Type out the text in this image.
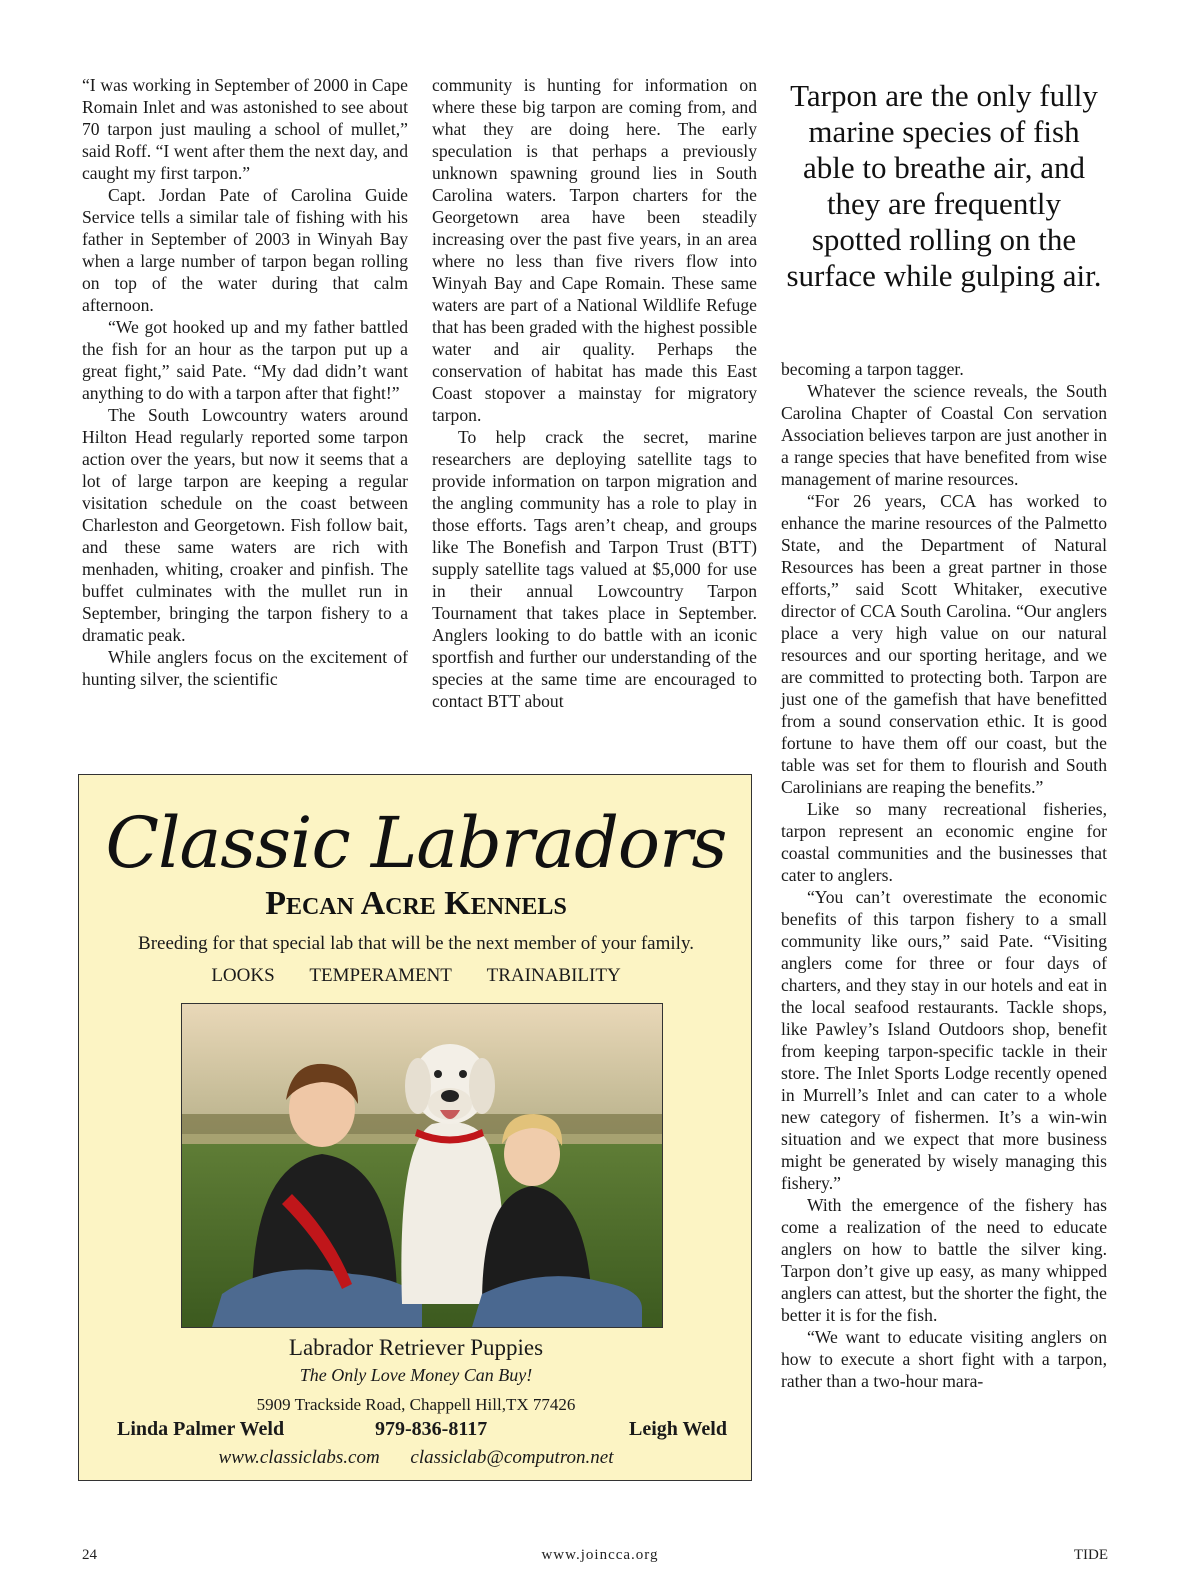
“I was working in September of 2000 in Cape Romain Inlet and was astonished to see about 70 tarpon just mauling a school of mullet,” said Roff. “I went after them the next day, and caught my first tarpon.”

Capt. Jordan Pate of Carolina Guide Service tells a similar tale of fishing with his father in September of 2003 in Winyah Bay when a large number of tarpon began rolling on top of the water during that calm afternoon.

“We got hooked up and my father battled the fish for an hour as the tarpon put up a great fight,” said Pate. “My dad didn’t want anything to do with a tarpon after that fight!”

The South Lowcountry waters around Hilton Head regularly reported some tarpon action over the years, but now it seems that a lot of large tarpon are keeping a regular visitation schedule on the coast between Charleston and Georgetown. Fish follow bait, and these same waters are rich with menhaden, whiting, croaker and pinfish. The buffet culminates with the mullet run in September, bringing the tarpon fishery to a dramatic peak.

While anglers focus on the excitement of hunting silver, the scientific

community is hunting for information on where these big tarpon are coming from, and what they are doing here. The early speculation is that perhaps a previously unknown spawning ground lies in South Carolina waters. Tarpon charters for the Georgetown area have been steadily increasing over the past five years, in an area where no less than five rivers flow into Winyah Bay and Cape Romain. These same waters are part of a National Wildlife Refuge that has been graded with the highest possible water and air quality. Perhaps the conservation of habitat has made this East Coast stopover a mainstay for migratory tarpon.

To help crack the secret, marine researchers are deploying satellite tags to provide information on tarpon migration and the angling community has a role to play in those efforts. Tags aren’t cheap, and groups like The Bonefish and Tarpon Trust (BTT) supply satellite tags valued at $5,000 for use in their annual Lowcountry Tarpon Tournament that takes place in September. Anglers looking to do battle with an iconic sportfish and further our understanding of the species at the same time are encouraged to contact BTT about

Tarpon are the only fully marine species of fish able to breathe air, and they are frequently spotted rolling on the surface while gulping air.

becoming a tarpon tagger.

Whatever the science reveals, the South Carolina Chapter of Coastal Con servation Association believes tarpon are just another in a range species that have benefited from wise management of marine resources.

“For 26 years, CCA has worked to enhance the marine resources of the Palmetto State, and the Department of Natural Resources has been a great partner in those efforts,” said Scott Whitaker, executive director of CCA South Carolina. “Our anglers place a very high value on our natural resources and our sporting heritage, and we are committed to protecting both. Tarpon are just one of the gamefish that have benefitted from a sound conservation ethic. It is good fortune to have them off our coast, but the table was set for them to flourish and South Carolinians are reaping the benefits.”

Like so many recreational fisheries, tarpon represent an economic engine for coastal communities and the businesses that cater to anglers.

“You can’t overestimate the economic benefits of this tarpon fishery to a small community like ours,” said Pate. “Visiting anglers come for three or four days of charters, and they stay in our hotels and eat in the local seafood restaurants. Tackle shops, like Pawley’s Island Outdoors shop, benefit from keeping tarpon-specific tackle in their store. The Inlet Sports Lodge recently opened in Murrell’s Inlet and can cater to a whole new category of fishermen. It’s a win-win situation and we expect that more business might be generated by wisely managing this fishery.”

With the emergence of the fishery has come a realization of the need to educate anglers on how to battle the silver king. Tarpon don’t give up easy, as many whipped anglers can attest, but the shorter the fight, the better it is for the fish.

“We want to educate visiting anglers on how to execute a short fight with a tarpon, rather than a two-hour mara-

Classic Labradors
Pecan Acre Kennels
Breeding for that special lab that will be the next member of your family.
LOOKS TEMPERAMENT TRAINABILITY
Labrador Retriever Puppies
The Only Love Money Can Buy!
5909 Trackside Road, Chappell Hill,TX 77426
Linda Palmer Weld	979-836-8117	Leigh Weld
www.classiclabs.com classiclab@computron.net
24	www.joincca.org	TIDE
